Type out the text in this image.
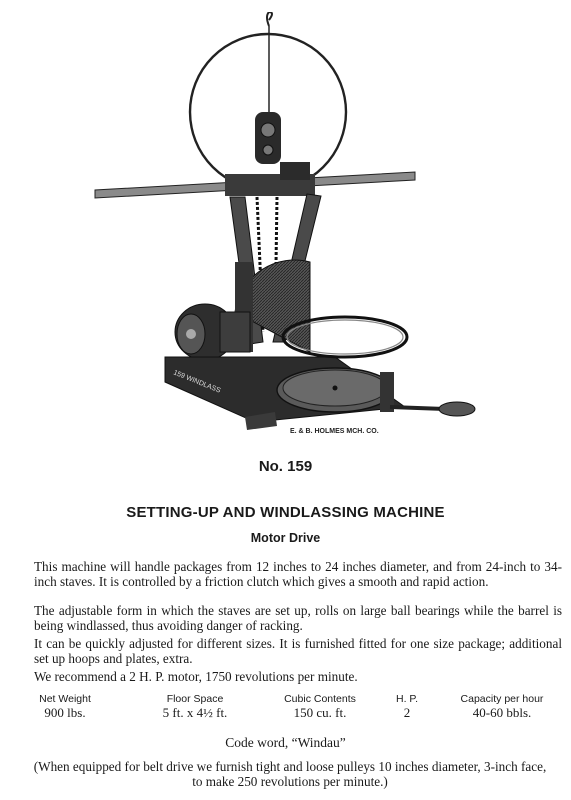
159 WINDLASS
E. & B. HOLMES MCH. CO.
No. 159
SETTING-UP AND WINDLASSING MACHINE
Motor Drive

This machine will handle packages from 12 inches to 24 inches diameter, and from 24-inch to 34-inch staves. It is controlled by a friction clutch which gives a smooth and rapid action.

The adjustable form in which the staves are set up, rolls on large ball bearings while the barrel is being windlassed, thus avoiding danger of racking.

It can be quickly adjusted for different sizes. It is furnished fitted for one size package; additional set up hoops and plates, extra.

We recommend a 2 H. P. motor, 1750 revolutions per minute.

Net Weight
900 lbs.
Floor Space
5 ft. x 4½ ft.
Cubic Contents
150 cu. ft.
H. P.
2
Capacity per hour
40-60 bbls.
Code word, “Windau”
(When equipped for belt drive we furnish tight and loose pulleys 10 inches diameter, 3-inch face, to make 250 revolutions per minute.)
